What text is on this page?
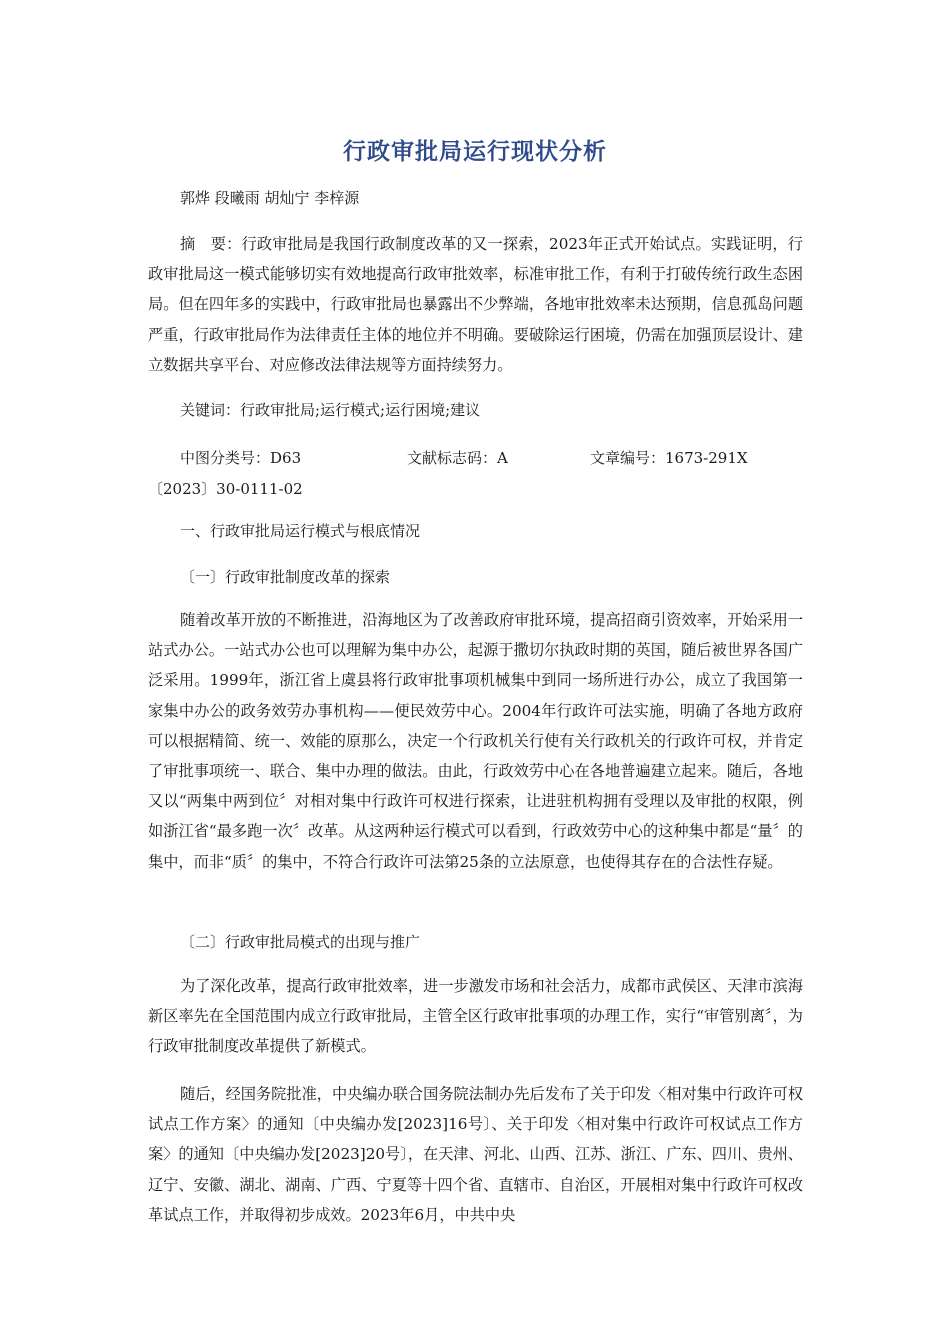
行政审批局运行现状分析
郭烨 段曦雨 胡灿宁 李梓源

摘　要：行政审批局是我国行政制度改革的又一探索，2023年正式开始试点。实践证明，行政审批局这一模式能够切实有效地提高行政审批效率，标准审批工作，有利于打破传统行政生态困局。但在四年多的实践中，行政审批局也暴露出不少弊端，各地审批效率未达预期，信息孤岛问题严重，行政审批局作为法律责任主体的地位并不明确。要破除运行困境，仍需在加强顶层设计、建立数据共享平台、对应修改法律法规等方面持续努力。

关键词：行政审批局;运行模式;运行困境;建议

中图分类号：D63	文献标志码：A	文章编号：1673-291X
〔2023〕30-0111-02

一、行政审批局运行模式与根底情况

〔一〕行政审批制度改革的探索

随着改革开放的不断推进，沿海地区为了改善政府审批环境，提高招商引资效率，开始采用一站式办公。一站式办公也可以理解为集中办公，起源于撒切尔执政时期的英国，随后被世界各国广泛采用。1999年，浙江省上虞县将行政审批事项机械集中到同一场所进行办公，成立了我国第一家集中办公的政务效劳办事机构——便民效劳中心。2004年行政许可法实施，明确了各地方政府可以根据精简、统一、效能的原那么，决定一个行政机关行使有关行政机关的行政许可权，并肯定了审批事项统一、联合、集中办理的做法。由此，行政效劳中心在各地普遍建立起来。随后，各地又以“两集中两到位〞对相对集中行政许可权进行探索，让进驻机构拥有受理以及审批的权限，例如浙江省“最多跑一次〞改革。从这两种运行模式可以看到，行政效劳中心的这种集中都是“量〞的集中，而非“质〞的集中，不符合行政许可法第25条的立法原意，也使得其存在的合法性存疑。

〔二〕行政审批局模式的出现与推广

为了深化改革，提高行政审批效率，进一步激发市场和社会活力，成都市武侯区、天津市滨海新区率先在全国范围内成立行政审批局，主管全区行政审批事项的办理工作，实行“审管别离〞，为行政审批制度改革提供了新模式。

随后，经国务院批准，中央编办联合国务院法制办先后发布了关于印发〈相对集中行政许可权试点工作方案〉的通知〔中央编办发[2023]16号〕、关于印发〈相对集中行政许可权试点工作方案〉的通知〔中央编办发[2023]20号〕，在天津、河北、山西、江苏、浙江、广东、四川、贵州、辽宁、安徽、湖北、湖南、广西、宁夏等十四个省、直辖市、自治区，开展相对集中行政许可权改革试点工作，并取得初步成效。2023年6月，中共中央
